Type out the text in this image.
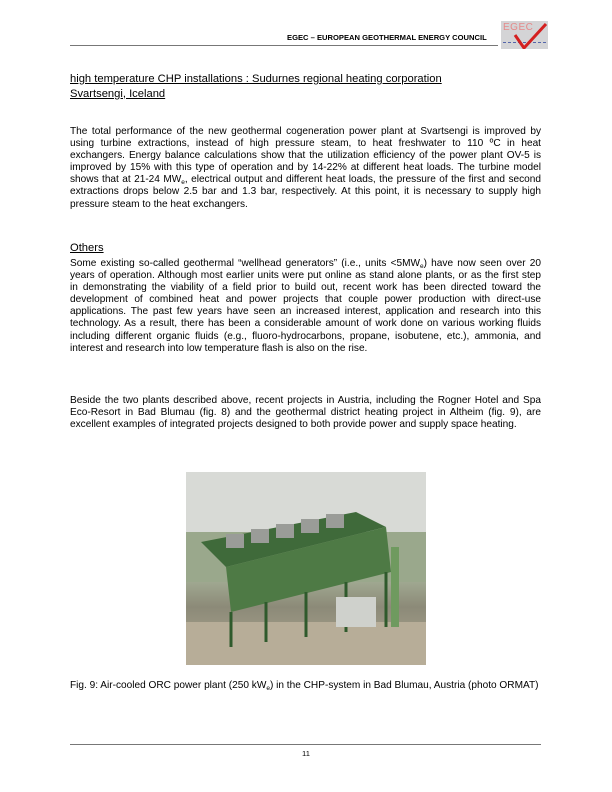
EGEC – EUROPEAN GEOTHERMAL ENERGY COUNCIL
EGEC
high temperature CHP installations : Sudurnes regional heating corporation
Svartsengi, Iceland
The total performance of the new geothermal cogeneration power plant at Svartsengi is improved by using turbine extractions, instead of high pressure steam, to heat freshwater to 110 ºC in heat exchangers. Energy balance calculations show that the utilization efficiency of the power plant OV-5 is improved by 15% with this type of operation and by 14-22% at different heat loads. The turbine model shows that at 21-24 $MW_e$, electrical output and different heat loads, the pressure of the first and second extractions drops below 2.5 bar and 1.3 bar, respectively. At this point, it is necessary to supply high pressure steam to the heat exchangers.
Others
Some existing so-called geothermal “wellhead generators” (i.e., units $<5MW_e$) have now seen over 20 years of operation. Although most earlier units were put online as stand alone plants, or as the first step in demonstrating the viability of a field prior to build out, recent work has been directed toward the development of combined heat and power projects that couple power production with direct-use applications. The past few years have seen an increased interest, application and research into this technology. As a result, there has been a considerable amount of work done on various working fluids including different organic fluids (e.g., fluoro-hydrocarbons, propane, isobutene, etc.), ammonia, and interest and research into low temperature flash is also on the rise.
Beside the two plants described above, recent projects in Austria, including the Rogner Hotel and Spa Eco-Resort in Bad Blumau (fig. 8) and the geothermal district heating project in Altheim (fig. 9), are excellent examples of integrated projects designed to both provide power and supply space heating.
Fig. 9: Air-cooled ORC power plant (250 $kW_e$) in the CHP-system in Bad Blumau, Austria (photo ORMAT)
11
